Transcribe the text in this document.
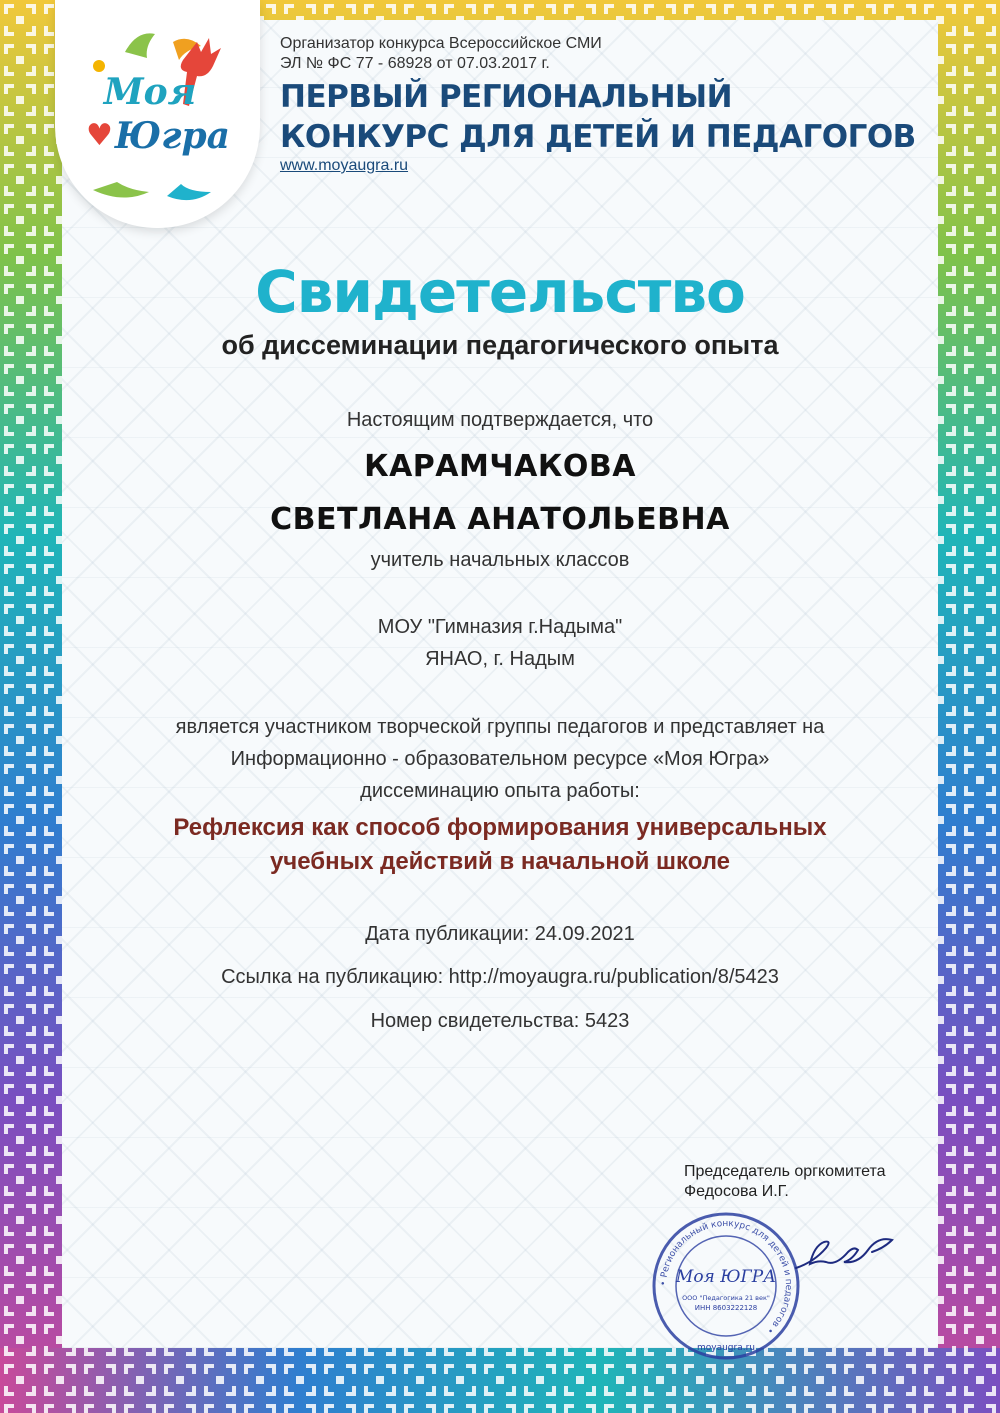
Моя
♥ Югра
Организатор конкурса Всероссийское СМИ
ЭЛ № ФС 77 - 68928 от 07.03.2017 г.
ПЕРВЫЙ РЕГИОНАЛЬНЫЙ
КОНКУРС ДЛЯ ДЕТЕЙ И ПЕДАГОГОВ
www.moyaugra.ru
Свидетельство
об диссеминации педагогического опыта
Настоящим подтверждается, что
КАРАМЧАКОВА
СВЕТЛАНА АНАТОЛЬЕВНА
учитель начальных классов
МОУ "Гимназия г.Надыма"
ЯНАО, г. Надым
является участником творческой группы педагогов и представляет на
Информационно - образовательном ресурсе «Моя Югра»
диссеминацию опыта работы:
Рефлексия как способ формирования универсальных
учебных действий в начальной школе
Дата публикации: 24.09.2021
Ссылка на публикацию: http://moyaugra.ru/publication/8/5423
Номер свидетельства: 5423
Председатель оргкомитета
Федосова И.Г.
• Региональный конкурс для детей и педагогов •
Моя ЮГРА
ООО "Педагогика 21 век"
ИНН 8603222128
moyaugra.ru
